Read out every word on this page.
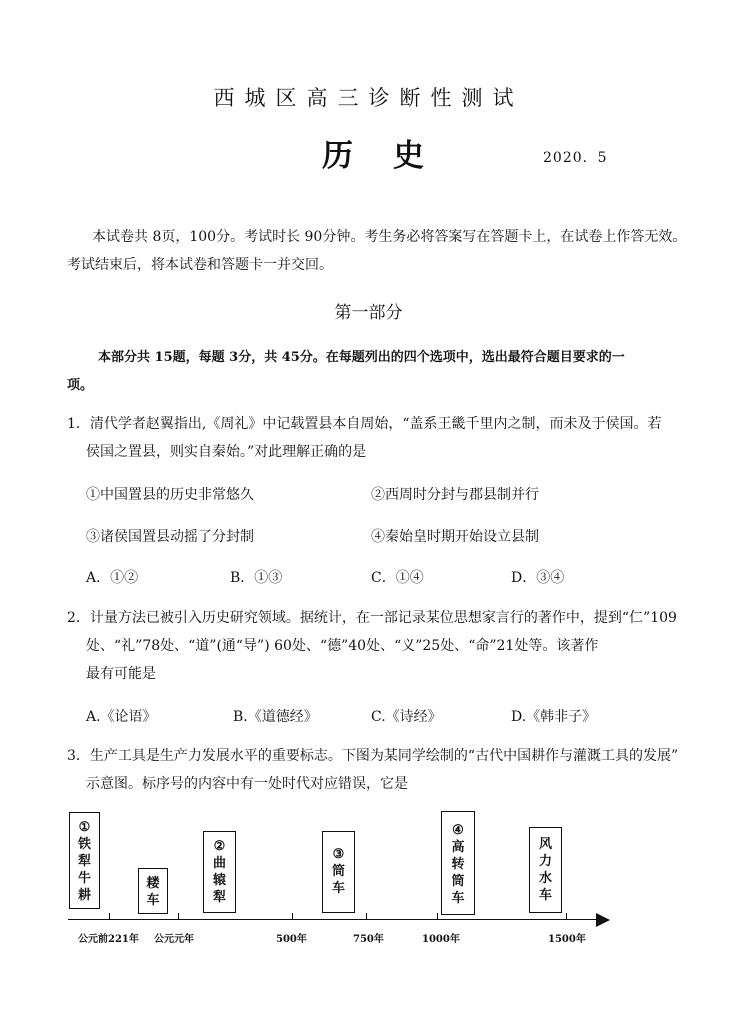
西城区高三诊断性测试
历史	2020．5
本试卷共 8页，100分。考试时长 90分钟。考生务必将答案写在答题卡上，在试卷上作答无效。
考试结束后，将本试卷和答题卡一并交回。
第一部分
本部分共 15题，每题 3分，共 45分。在每题列出的四个选项中，选出最符合题目要求的一
项。
1．清代学者赵翼指出,《周礼》中记载置县本自周始，“盖系王畿千里内之制，而未及于侯国。若
侯国之置县，则实自秦始。”对此理解正确的是
①中国置县的历史非常悠久	②西周时分封与郡县制并行
③诸侯国置县动摇了分封制	④秦始皇时期开始设立县制
A．①②	B．①③	C．①④	D．③④
2．计量方法已被引入历史研究领域。据统计，在一部记录某位思想家言行的著作中，提到“仁”109
处、“礼”78处、“道”(通“导”) 60处、“德”40处、“义”25处、“命”21处等。该著作
最有可能是
A.《论语》	B.《道德经》	C.《诗经》	D.《韩非子》
3．生产工具是生产力发展水平的重要标志。下图为某同学绘制的“古代中国耕作与灌溉工具的发展”
示意图。标序号的内容中有一处时代对应错误，它是
①
铁
犁
牛
耕
耧
车
②
曲
辕
犁
③
筒
车
④
高
转
筒
车
风
力
水
车
公元前221年 公元元年	500年	750年	1000年	1500年
